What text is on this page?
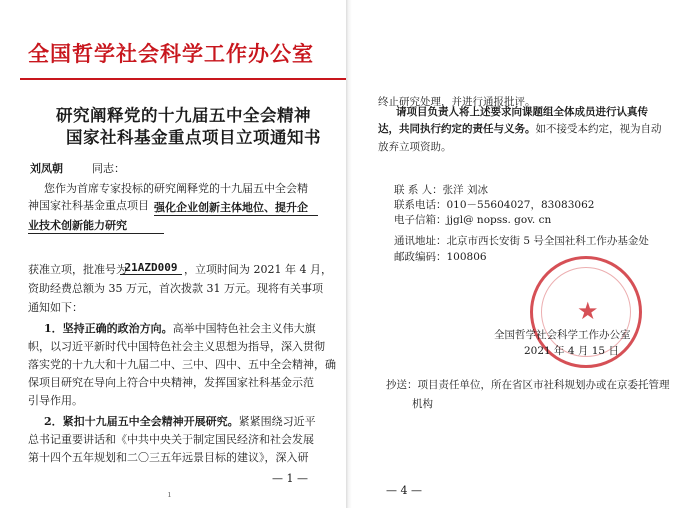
全国哲学社会科学工作办公室
研究阐释党的十九届五中全会精神
国家社科基金重点项目立项通知书
刘凤朝	同志：
您作为首席专家投标的研究阐释党的十九届五中全会精
神国家社科基金重点项目 强化企业创新主体地位、提升企
业技术创新能力研究
获准立项，批准号为
21AZD009 ，立项时间为 2021 年 4 月，
资助经费总额为 35 万元，首次拨款 31 万元。现将有关事项
通知如下：
1．坚持正确的政治方向。高举中国特色社会主义伟大旗
帜，以习近平新时代中国特色社会主义思想为指导，深入贯彻
落实党的十九大和十九届二中、三中、四中、五中全会精神，确
保项目研究在导向上符合中央精神，发挥国家社科基金示范
引导作用。
2．紧扣十九届五中全会精神开展研究。紧紧围绕习近平
总书记重要讲话和《中共中央关于制定国民经济和社会发展
第十四个五年规划和二〇三五年远景目标的建议》，深入研
— 1 —
ı
终止研究处理，并进行通报批评。
请项目负责人将上述要求向课题组全体成员进行认真传
达，共同执行约定的责任与义务。如不接受本约定，视为自动
放弃立项资助。
联 系 人：张洋 刘冰
联系电话：010－55604027，83083062
电子信箱：jjgl@ nopss. gov. cn
通讯地址：北京市西长安街 5 号全国社科工作办基金处
邮政编码：100806
★
全国哲学社会科学工作办公室
2021 年 4 月 15 日
抄送：项目责任单位，所在省区市社科规划办或在京委托管理
机构
— 4 —
